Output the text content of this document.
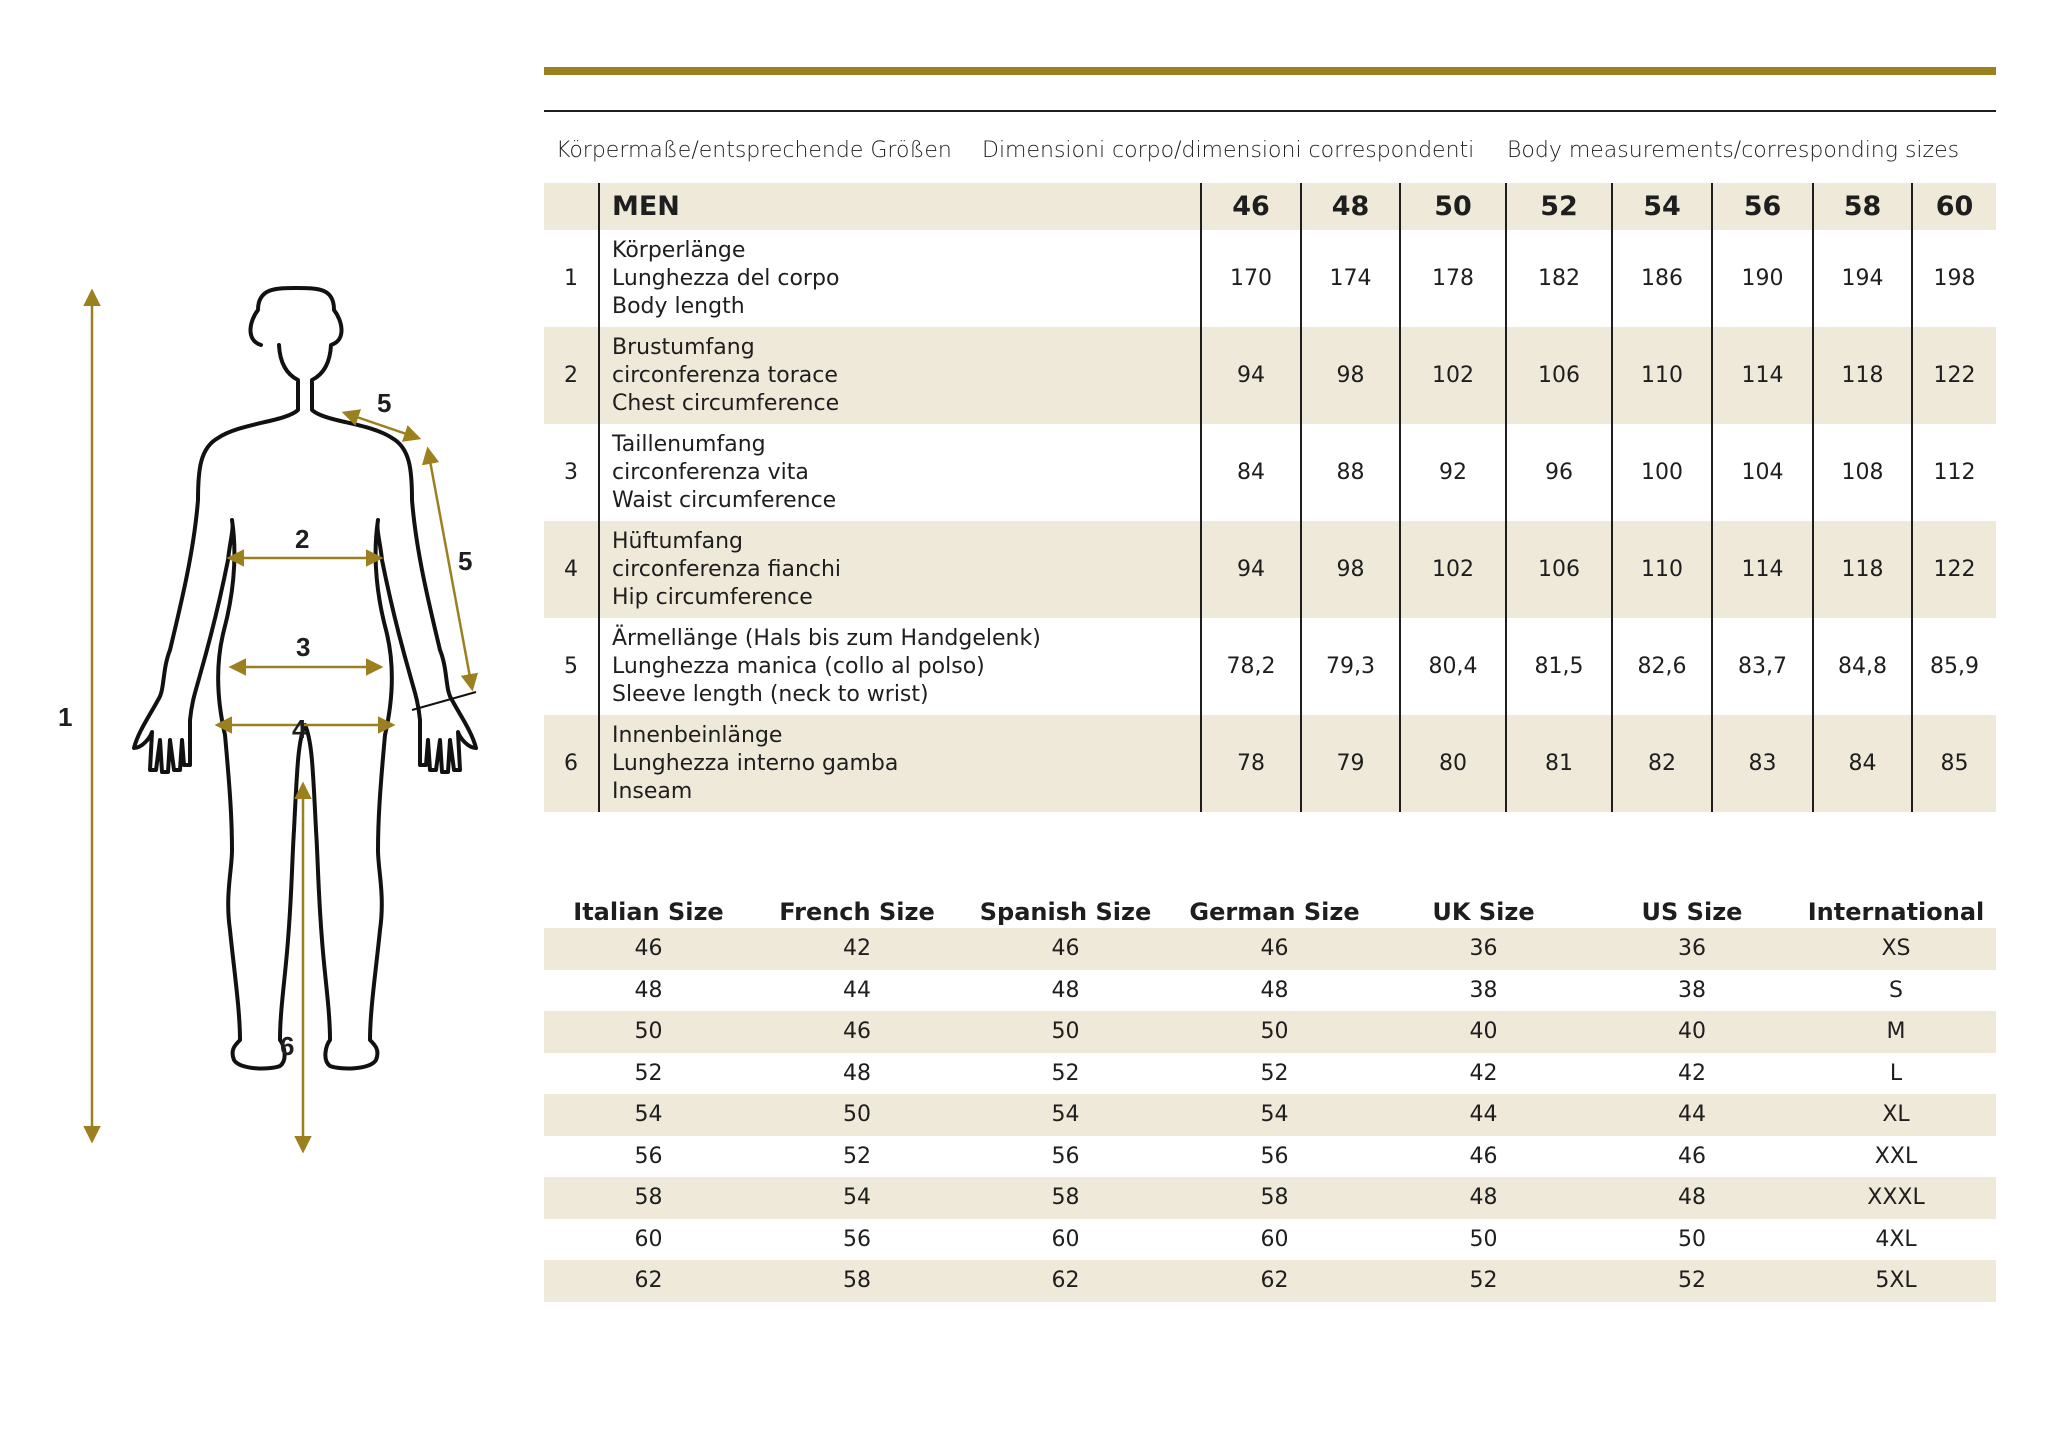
Körpermaße/entsprechende Größen Dimensioni corpo/dimensioni correspondenti Body measurements/corresponding sizes
1
2
3
4
5
5
6
	MEN	46	48	50	52	54	56	58	60
1	Körperlänge
Lunghezza del corpo
Body length	170	174	178	182	186	190	194	198
2	Brustumfang
circonferenza torace
Chest circumference	94	98	102	106	110	114	118	122
3	Taillenumfang
circonferenza vita
Waist circumference	84	88	92	96	100	104	108	112
4	Hüftumfang
circonferenza fianchi
Hip circumference	94	98	102	106	110	114	118	122
5	Ärmellänge (Hals bis zum Handgelenk)
Lunghezza manica (collo al polso)
Sleeve length (neck to wrist)	78,2	79,3	80,4	81,5	82,6	83,7	84,8	85,9
6	Innenbeinlänge
Lunghezza interno gamba
Inseam	78	79	80	81	82	83	84	85
Italian Size	French Size	Spanish Size	German Size	UK Size	US Size	International
46	42	46	46	36	36	XS
48	44	48	48	38	38	S
50	46	50	50	40	40	M
52	48	52	52	42	42	L
54	50	54	54	44	44	XL
56	52	56	56	46	46	XXL
58	54	58	58	48	48	XXXL
60	56	60	60	50	50	4XL
62	58	62	62	52	52	5XL
